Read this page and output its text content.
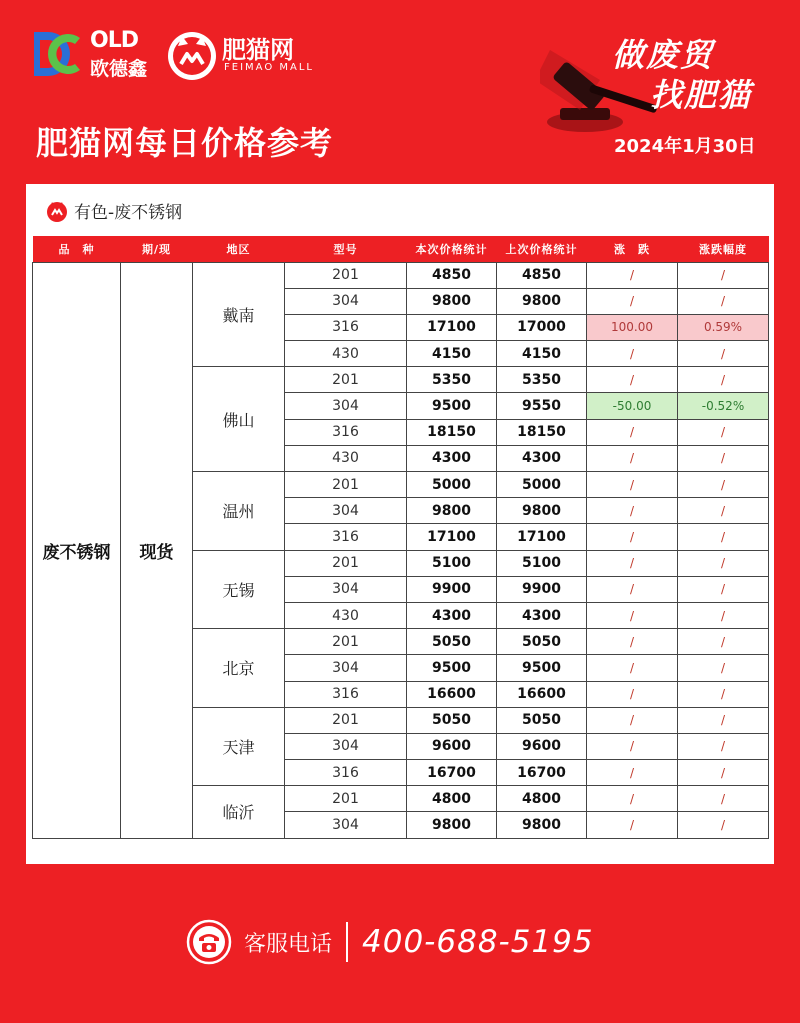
OLD
欧德鑫
肥猫网
FEIMAO MALL	做废贸
找肥猫
肥猫网每日价格参考	2024年1月30日
有色-废不锈钢
品　种	期/现	地区	型号	本次价格统计	上次价格统计	涨　跌	涨跌幅度
废不锈钢	现货	戴南	201	4850	4850	/	/
			304	9800	9800	/	/
			316	17100	17000	100.00	0.59%
			430	4150	4150	/	/
		佛山	201	5350	5350	/	/
			304	9500	9550	-50.00	-0.52%
			316	18150	18150	/	/
			430	4300	4300	/	/
		温州	201	5000	5000	/	/
			304	9800	9800	/	/
			316	17100	17100	/	/
		无锡	201	5100	5100	/	/
			304	9900	9900	/	/
			430	4300	4300	/	/
		北京	201	5050	5050	/	/
			304	9500	9500	/	/
			316	16600	16600	/	/
		天津	201	5050	5050	/	/
			304	9600	9600	/	/
			316	16700	16700	/	/
		临沂	201	4800	4800	/	/
			304	9800	9800	/	/
客服电话 400-688-5195
